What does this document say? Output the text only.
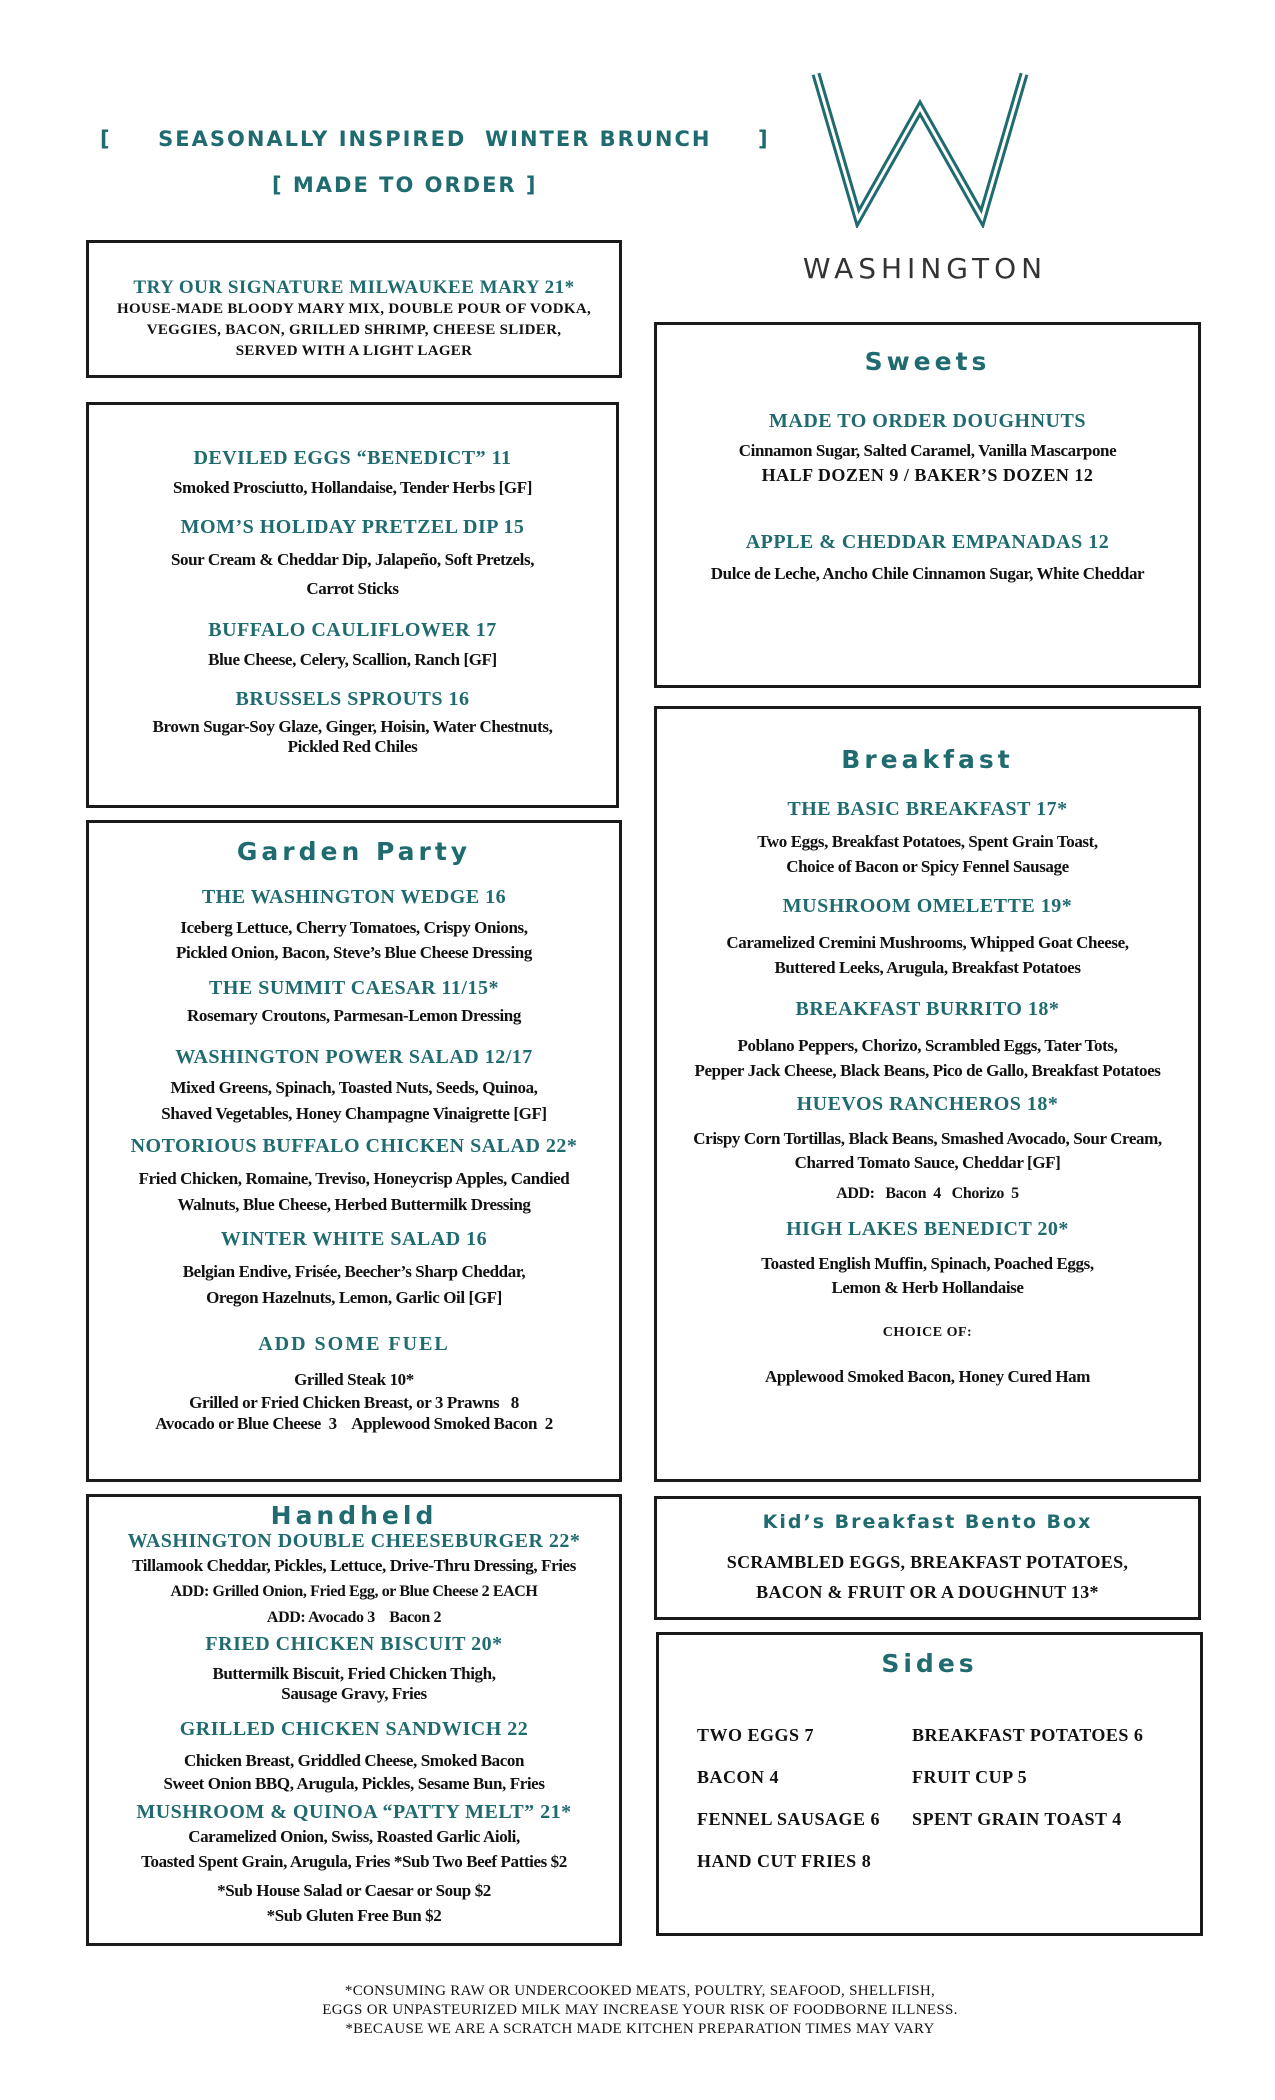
[     SEASONALLY INSPIRED  WINTER BRUNCH     ]
[ MADE TO ORDER ]
WASHINGTON

TRY OUR SIGNATURE MILWAUKEE MARY 21*

HOUSE-MADE BLOODY MARY MIX, DOUBLE POUR OF VODKA,

VEGGIES, BACON, GRILLED SHRIMP, CHEESE SLIDER,

SERVED WITH A LIGHT LAGER

DEVILED EGGS “BENEDICT” 11

Smoked Prosciutto, Hollandaise, Tender Herbs [GF]

MOM’S HOLIDAY PRETZEL DIP 15

Sour Cream & Cheddar Dip, Jalapeño, Soft Pretzels,

Carrot Sticks

BUFFALO CAULIFLOWER 17

Blue Cheese, Celery, Scallion, Ranch [GF]

BRUSSELS SPROUTS 16

Brown Sugar-Soy Glaze, Ginger, Hoisin, Water Chestnuts,

Pickled Red Chiles

Garden Party

THE WASHINGTON WEDGE 16

Iceberg Lettuce, Cherry Tomatoes, Crispy Onions,

Pickled Onion, Bacon, Steve’s Blue Cheese Dressing

THE SUMMIT CAESAR 11/15*

Rosemary Croutons, Parmesan-Lemon Dressing

WASHINGTON POWER SALAD 12/17

Mixed Greens, Spinach, Toasted Nuts, Seeds, Quinoa,

Shaved Vegetables, Honey Champagne Vinaigrette [GF]

NOTORIOUS BUFFALO CHICKEN SALAD 22*

Fried Chicken, Romaine, Treviso, Honeycrisp Apples, Candied

Walnuts, Blue Cheese, Herbed Buttermilk Dressing

WINTER WHITE SALAD 16

Belgian Endive, Frisée, Beecher’s Sharp Cheddar,

Oregon Hazelnuts, Lemon, Garlic Oil [GF]

ADD SOME FUEL

Grilled Steak 10*

Grilled or Fried Chicken Breast, or 3 Prawns   8

Avocado or Blue Cheese  3    Applewood Smoked Bacon  2

Handheld

WASHINGTON DOUBLE CHEESEBURGER 22*

Tillamook Cheddar, Pickles, Lettuce, Drive-Thru Dressing, Fries

ADD: Grilled Onion, Fried Egg, or Blue Cheese 2 EACH

ADD: Avocado 3    Bacon 2

FRIED CHICKEN BISCUIT 20*

Buttermilk Biscuit, Fried Chicken Thigh,

Sausage Gravy, Fries

GRILLED CHICKEN SANDWICH 22

Chicken Breast, Griddled Cheese, Smoked Bacon

Sweet Onion BBQ, Arugula, Pickles, Sesame Bun, Fries

MUSHROOM & QUINOA “PATTY MELT” 21*

Caramelized Onion, Swiss, Roasted Garlic Aioli,

Toasted Spent Grain, Arugula, Fries *Sub Two Beef Patties $2

*Sub House Salad or Caesar or Soup $2

*Sub Gluten Free Bun $2

Sweets

MADE TO ORDER DOUGHNUTS

Cinnamon Sugar, Salted Caramel, Vanilla Mascarpone

HALF DOZEN 9 / BAKER’S DOZEN 12

APPLE & CHEDDAR EMPANADAS 12

Dulce de Leche, Ancho Chile Cinnamon Sugar, White Cheddar

Breakfast

THE BASIC BREAKFAST 17*

Two Eggs, Breakfast Potatoes, Spent Grain Toast,

Choice of Bacon or Spicy Fennel Sausage

MUSHROOM OMELETTE 19*

Caramelized Cremini Mushrooms, Whipped Goat Cheese,

Buttered Leeks, Arugula, Breakfast Potatoes

BREAKFAST BURRITO 18*

Poblano Peppers, Chorizo, Scrambled Eggs, Tater Tots,

Pepper Jack Cheese, Black Beans, Pico de Gallo, Breakfast Potatoes

HUEVOS RANCHEROS 18*

Crispy Corn Tortillas, Black Beans, Smashed Avocado, Sour Cream,

Charred Tomato Sauce, Cheddar [GF]

ADD:   Bacon  4   Chorizo  5

HIGH LAKES BENEDICT 20*

Toasted English Muffin, Spinach, Poached Eggs,

Lemon & Herb Hollandaise

CHOICE OF:

Applewood Smoked Bacon, Honey Cured Ham

Kid’s Breakfast Bento Box

SCRAMBLED EGGS, BREAKFAST POTATOES,

BACON & FRUIT OR A DOUGHNUT 13*

Sides

TWO EGGS 7	BREAKFAST POTATOES 6
BACON 4	FRUIT CUP 5
FENNEL SAUSAGE 6	SPENT GRAIN TOAST 4
HAND CUT FRIES 8
*CONSUMING RAW OR UNDERCOOKED MEATS, POULTRY, SEAFOOD, SHELLFISH,
EGGS OR UNPASTEURIZED MILK MAY INCREASE YOUR RISK OF FOODBORNE ILLNESS.
*BECAUSE WE ARE A SCRATCH MADE KITCHEN PREPARATION TIMES MAY VARY
